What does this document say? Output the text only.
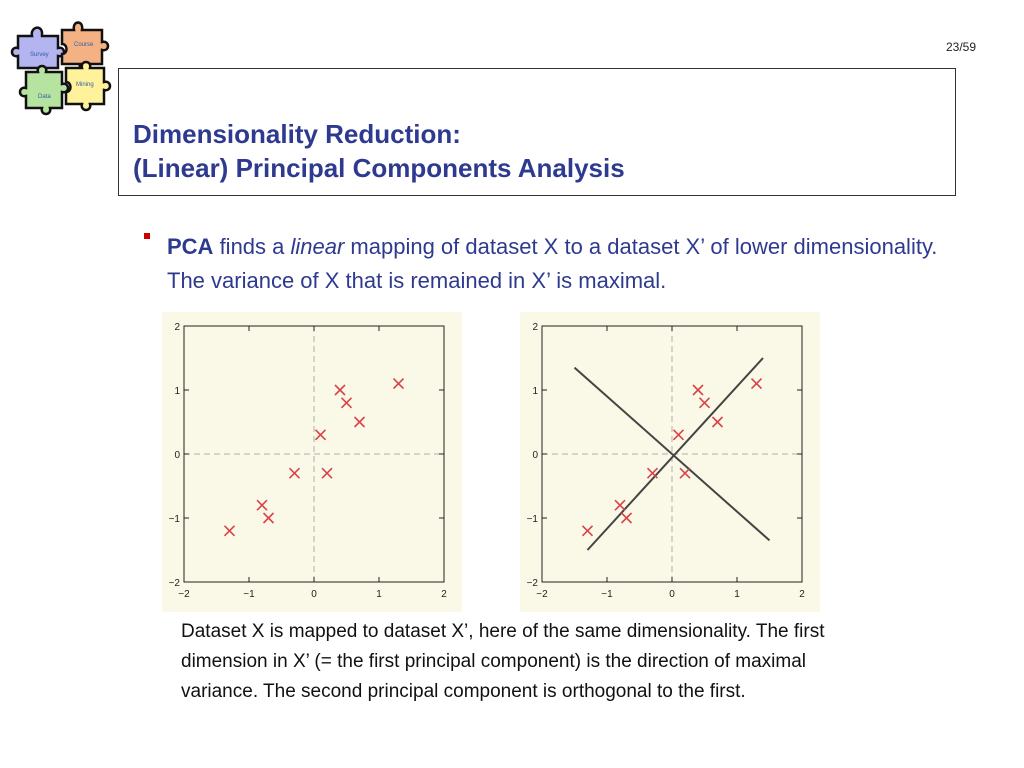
23/59
Course
Survey
Mining
Data
Dimensionality Reduction:
(Linear) Principal Components Analysis
PCA finds a linear mapping of dataset X to a dataset X’ of lower dimensionality. The variance of X that is remained in X’ is maximal.
−2	−1	0	1	2
−2
−1
0
1
2
−2	−1	0	1	2
−2
−1
0
1
2
Dataset X is mapped to dataset X’, here of the same dimensionality. The first dimension in X’ (= the first principal component) is the direction of maximal variance. The second principal component is orthogonal to the first.
